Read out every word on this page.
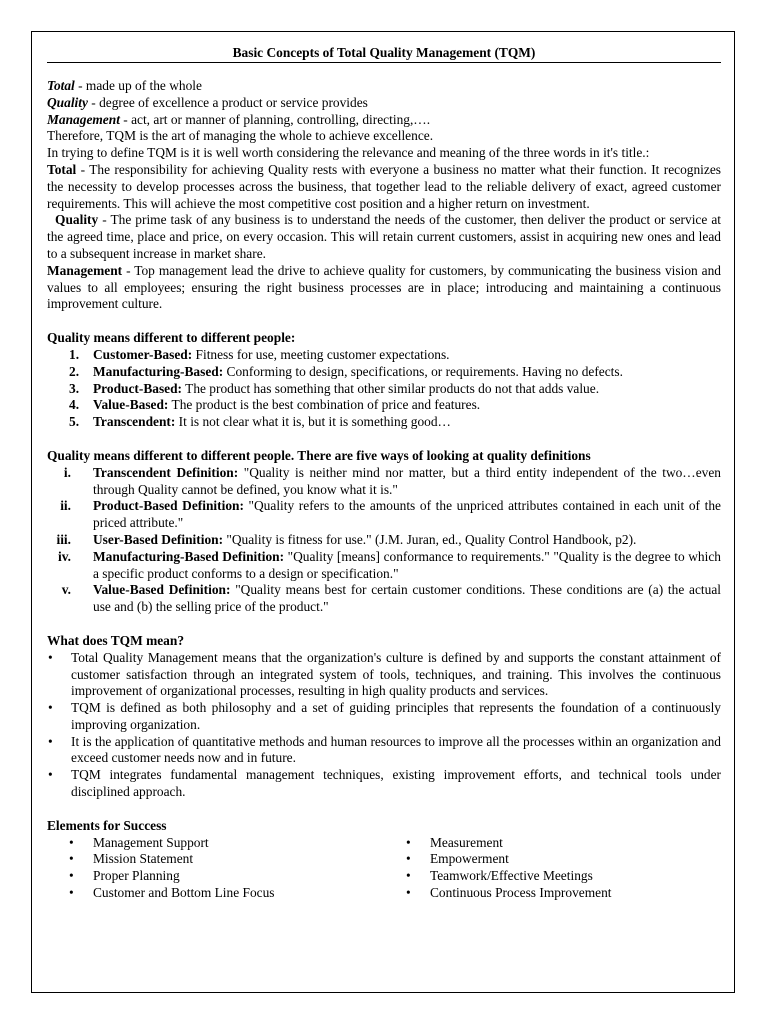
Basic Concepts of Total Quality Management (TQM)

Total - made up of the whole

Quality - degree of excellence a product or service provides

Management - act, art or manner of planning, controlling, directing,….

Therefore, TQM is the art of managing the whole to achieve excellence.

In trying to define TQM is it is well worth considering the relevance and meaning of the three words in it's title.:

Total - The responsibility for achieving Quality rests with everyone a business no matter what their function. It recognizes the necessity to develop processes across the business, that together lead to the reliable delivery of exact, agreed customer requirements. This will achieve the most competitive cost position and a higher return on investment.

Quality - The prime task of any business is to understand the needs of the customer, then deliver the product or service at the agreed time, place and price, on every occasion. This will retain current customers, assist in acquiring new ones and lead to a subsequent increase in market share.

Management - Top management lead the drive to achieve quality for customers, by communicating the business vision and values to all employees; ensuring the right business processes are in place; introducing and maintaining a continuous improvement culture.

Quality means different to different people:

1. Customer-Based: Fitness for use, meeting customer expectations.
2. Manufacturing-Based: Conforming to design, specifications, or requirements. Having no defects.
3. Product-Based: The product has something that other similar products do not that adds value.
4. Value-Based: The product is the best combination of price and features.
5. Transcendent: It is not clear what it is, but it is something good…

Quality means different to different people. There are five ways of looking at quality definitions

i. Transcendent Definition: "Quality is neither mind nor matter, but a third entity independent of the two…even through Quality cannot be defined, you know what it is."
ii. Product-Based Definition: "Quality refers to the amounts of the unpriced attributes contained in each unit of the priced attribute."
iii. User-Based Definition: "Quality is fitness for use." (J.M. Juran, ed., Quality Control Handbook, p2).
iv. Manufacturing-Based Definition: "Quality [means] conformance to requirements." "Quality is the degree to which a specific product conforms to a design or specification."
v. Value-Based Definition: "Quality means best for certain customer conditions. These conditions are (a) the actual use and (b) the selling price of the product."

What does TQM mean?

• Total Quality Management means that the organization's culture is defined by and supports the constant attainment of customer satisfaction through an integrated system of tools, techniques, and training. This involves the continuous improvement of organizational processes, resulting in high quality products and services.
• TQM is defined as both philosophy and a set of guiding principles that represents the foundation of a continuously improving organization.
• It is the application of quantitative methods and human resources to improve all the processes within an organization and exceed customer needs now and in future.
• TQM integrates fundamental management techniques, existing improvement efforts, and technical tools under disciplined approach.

Elements for Success

• Management Support
• Mission Statement
• Proper Planning
• Customer and Bottom Line Focus
• Measurement
• Empowerment
• Teamwork/Effective Meetings
• Continuous Process Improvement
